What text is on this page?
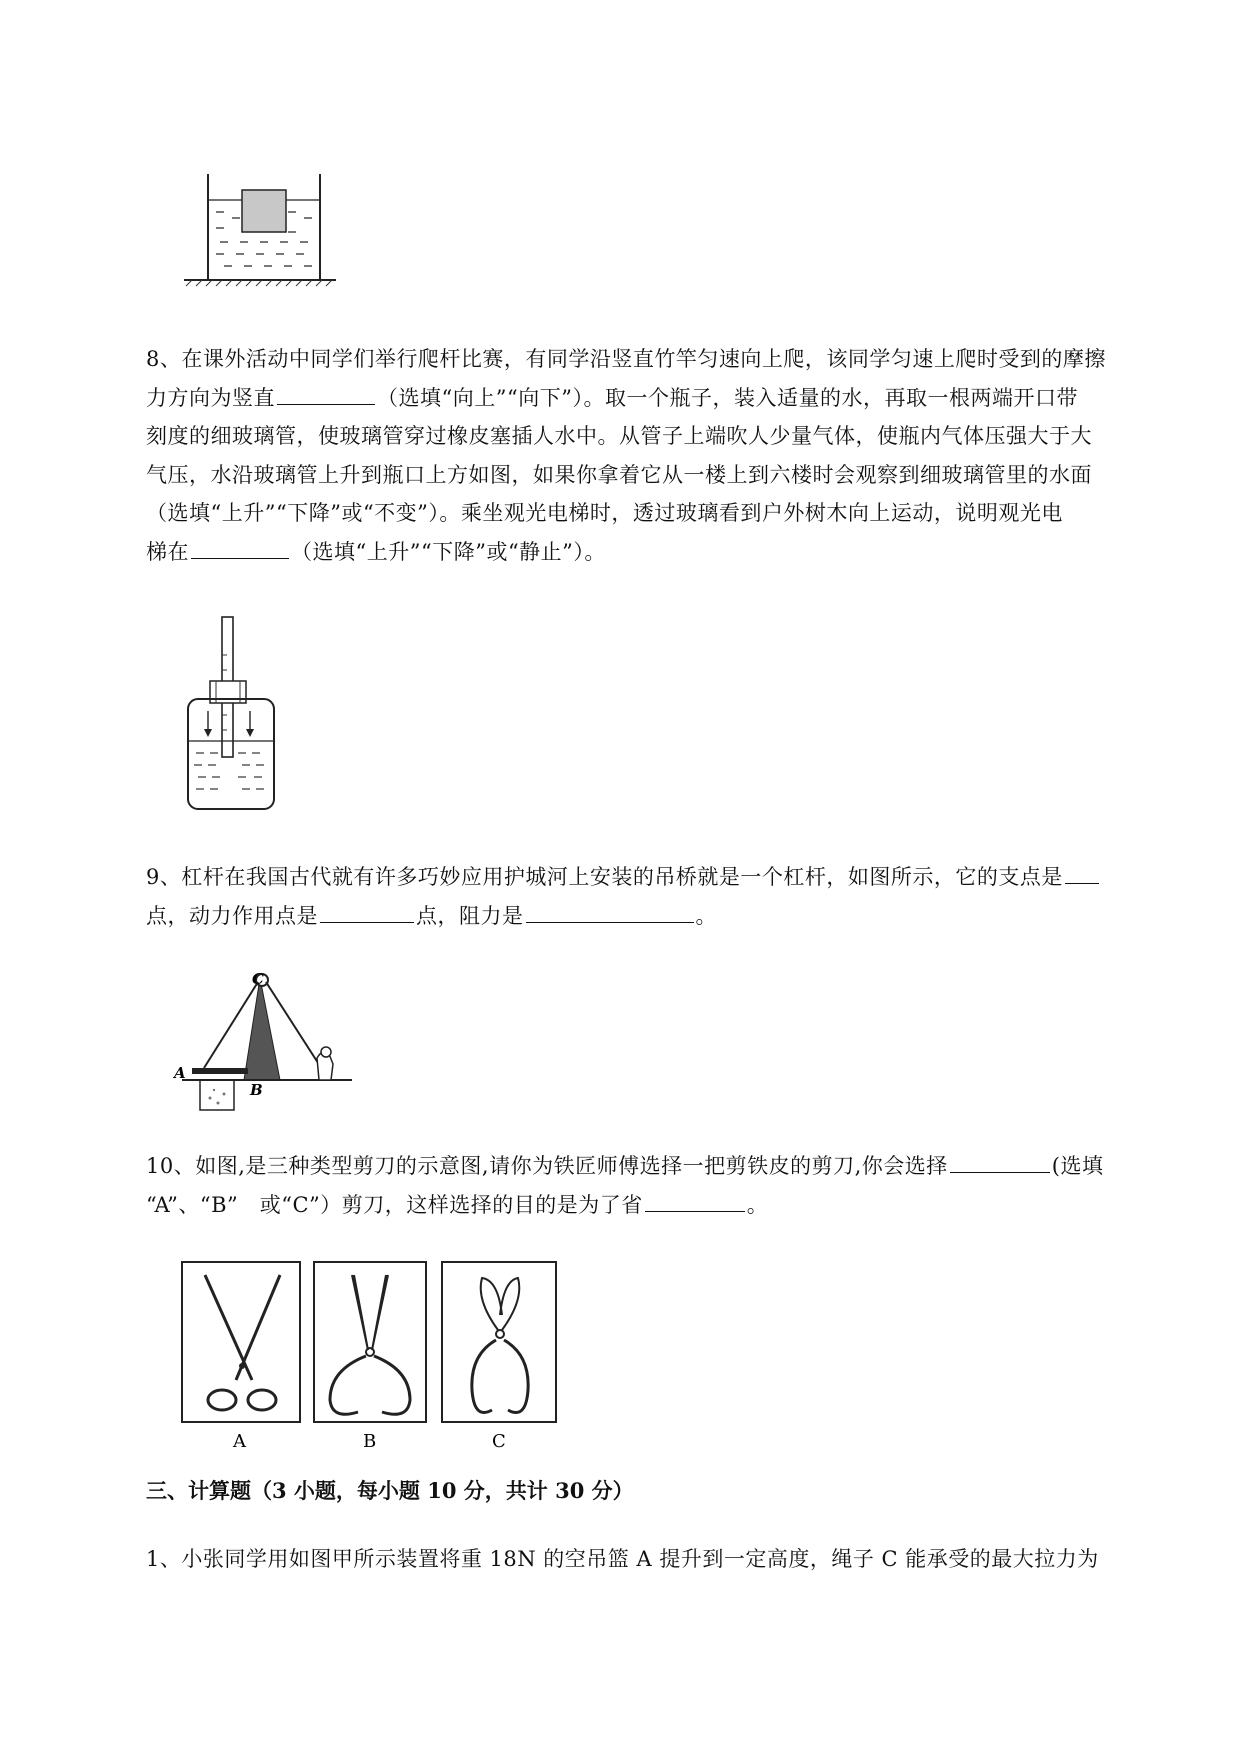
8、在课外活动中同学们举行爬杆比赛，有同学沿竖直竹竿匀速向上爬，该同学匀速上爬时受到的摩擦
力方向为竖直	（选填“向上”“向下”）。取一个瓶子，装入适量的水，再取一根两端开口带
刻度的细玻璃管，使玻璃管穿过橡皮塞插人水中。从管子上端吹人少量气体，使瓶内气体压强大于大
气压，水沿玻璃管上升到瓶口上方如图，如果你拿着它从一楼上到六楼时会观察到细玻璃管里的水面
（选填“上升”“下降”或“不变”）。乘坐观光电梯时，透过玻璃看到户外树木向上运动，说明观光电
梯在	（选填“上升”“下降”或“静止”）。
9、杠杆在我国古代就有许多巧妙应用护城河上安装的吊桥就是一个杠杆，如图所示，它的支点是
点，动力作用点是	点，阻力是	。
A
C
B
10、如图,是三种类型剪刀的示意图,请你为铁匠师傅选择一把剪铁皮的剪刀,你会选择	(选填
“A”、“B”　或“C”）剪刀，这样选择的目的是为了省	。
A	B	C
三、计算题（3 小题，每小题 10 分，共计 30 分）
1、小张同学用如图甲所示装置将重 18N 的空吊篮 A 提升到一定高度，绳子 C 能承受的最大拉力为
